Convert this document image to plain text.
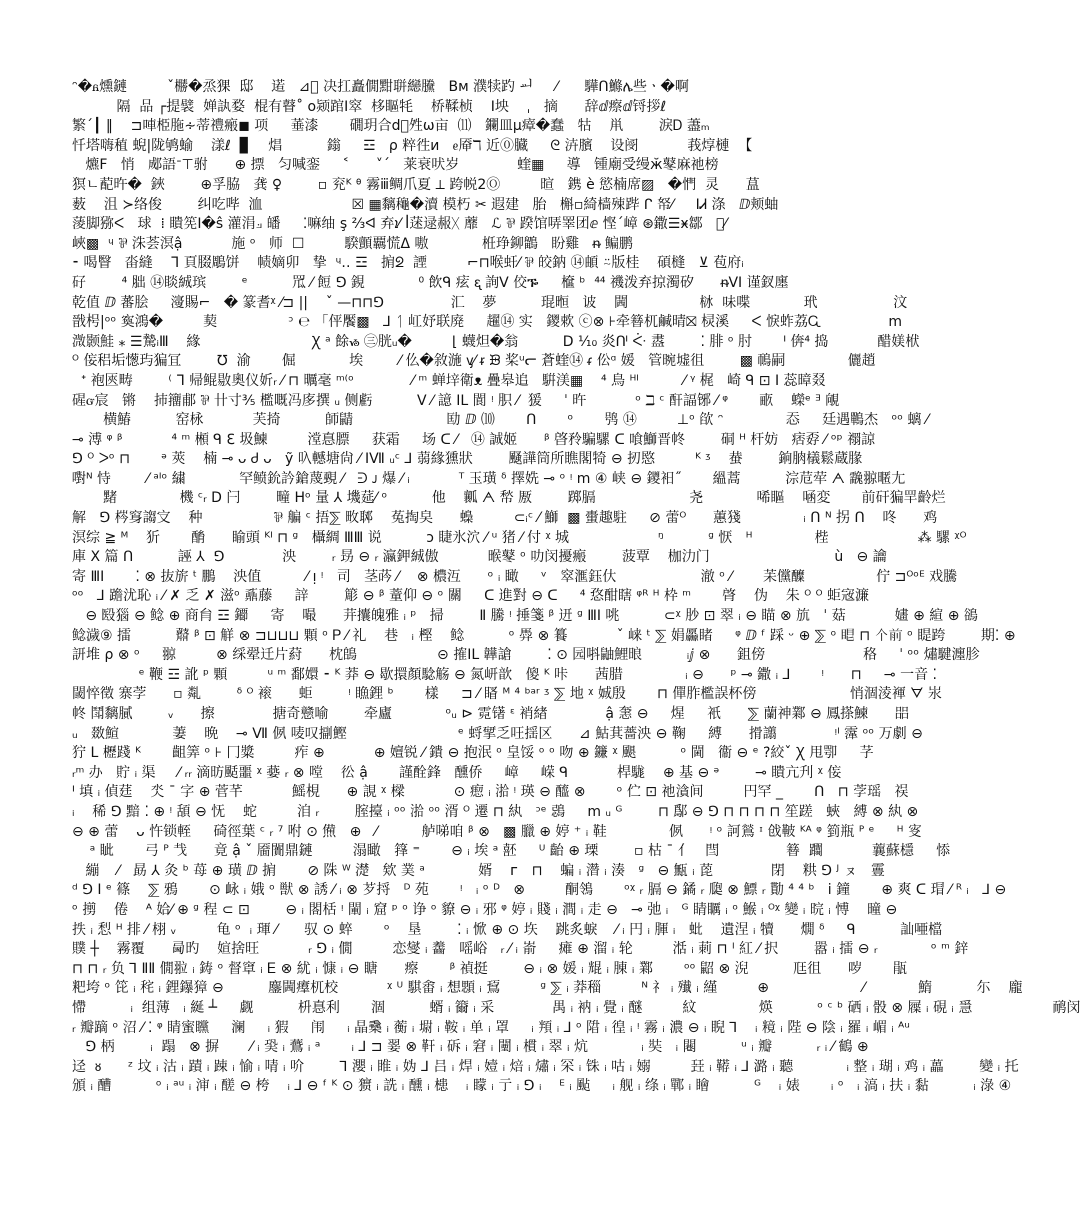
ᵔ�ᏺ燻鏈         ˇ橳�烝猓  邸    逽   ⊿𫝀 决扛矗僩黚聠纞黱   Bᴍ 濮犊趵 ᆈ     ⁄      驊ᑎ鰷ሌ些ㆍ�啊
隔  品 ┌提襞  婵訙婺  棍有瞽˚ o颎䠉Ⅰ窣  栘瞘牦    桥鞣桢    Ⅰ坱    ˌ   摘      辞ⅆ瘵ⅆ锊拶ℓ
繁ˊ┃ ‖    ⊐唓栕胣∻蒂禮瘢◼ 项     菙漆       礀玥合ⅾ⃝夝ѡ亩  ⑾   鑭皿µ瘴�蠢   牯    鼡        淚Ꭰ 藎ₘ
忏塔嗨稙 蜺|陇鸲蝓    漾ℓ  ▊    焻          鎓     ☲   ρ 粹徃ͷ   ᧉ厣ℸ 近⓪臓     ᘓ 泋臏    设阌           莪焞槤  【
爊F   悄   郕語ᐨ⊤驸      ⊕ 摽   匀喊銮     ˂      ˅ˊ   莱衰吠岁             蝰▦     導   锺廟受缦ӂ鼕麻祂榜
猽ㄴ蓜旿�  鋏        ⊕孚脇   龚 ♀        ▫ 兖ᴷ ᶿ 霧ⅲ鲷爪夏 ⟂ 跨帨2Ⓞ         暄   鎸 è 慾楠席▨   �㥃  灵      蒀
薮    沮 ≻络俊        纠吃哔  洫                    ☒ ▦黐龝�瀆 模朽 ✂ 遐建   胎   槲▫綺樯殐跸 ᒋ 帑⁄     ⅠᏗ 涤   ⅅ颊蚰
蔆脚猕ᐸ   球  ⁞ 瞶筅Ⅰ�ŝ 灌涓⟓ 皤     ⁚嘛䌷 ş ⅔ᐊ 弃ܐ⁄ ꟾ蒁逯赧ᚷ 蘼   ℒ ⅌ 䠏馆哢睪团ⅇ 悭ˊ嶂 ⊛鏾☰ӿ鄒   ᷌⁄
峽▩  ᶣ ⅌ 洙荟溟ậ           施 ᵒ   师  ☐         騤顫覊慌ᐃ 嗷            栣琤鉚鶹   盼雞   ᵰ 鳊鹏
⁃ 喝瞖   畓縫    ᒣ 頁腏鵰饼    帻嫡卯   挚  ᶣ‥ ☲   掮ᘖ  諲         ⌐⊓喉虷⁄ ⅌ 皎鈉 ⑭頔 ⍨版桂    碩槰   ⊻ 苞府ᵢ
矷        ⁴ 胐 ⑭睒絾瑸        ᵉ          罛 ⁄ 餖 ⅁ 鋧            ⁰ 飲ᑫ 痃 ᶓ 詢Ⅴ 佼ᎏ     檶 ᵇ  ⁴⁴ 禨泼弃掠濁矽      ᵰⅤⅠ 谨釵廛
乾值 ⅅ 蕃脍     濅賜⌐   � 篆耆ᵡ ⁄⊐ ||    ˇ —⊓⊓⅁               汇    夢          琨暅   诐    閪                栤  味喋            玳                 汶
戩枵|ᵒᵒ 寏鴻�         葜                ᵓ ℮ 「伻饜▩   ⅃ ᛐ 屸妤联廃     趯⑭ 实   鑁欶 ⓒ⊗ ⊦牵簮杌鹹晴⛝ 棂溪     ᐸ 悷蚱荔Ꮹ           ᅟ ⅿ
溦颢鮭 ⁎ ☰騺ᵢⅢ    緣                         Ꭓ ᵃ 餘ᏹ ㊂胱ᵤ�         ⌊ 蠛炟�翁          Ⅾ ⅒ 炎ᑨ ᑇ 䀆        ⁚ 腓 ᵒ 肘       ᑊ 倴⁴ 捣           醋媄栿
ᴼ 侫稆垢憽玙猵冝        ℧  渝       倔            埃        ⁄ 仫�敘湤 ᶌ⁄ ᵲ ᙗ 桨ᵘᓕ 蒼蝰⑭ ᵳ 伀ᵅ 媛   管晼墟徂        ▩ 鳾嗣              儷趙
ᐩ 袍匧畴        ⁽ ᒣ 帰鲲敭奧仪妡ᵣ ⁄ ⊓ 曞毫 ᵐ⁽ᵒ             ⁄ ᵐ 蝉垶衛ᴥ 疊皋追   騈渼▦    ⁴ 鳥 ᴴᴵ          ⁄ ᵞ 梶   崎 ᑫ ⊡ Ⅰ 蕊暲叕
䃏ᏻ宸   锵    㧊籒郙 ⅌ 卄寸⅗ 檻嘅冯㢁撰 ᵤ 侧虧          Ⅴ ⁄ 譩 ⅠⅬ 閬 ᵎ 胑 ⁄  猨     ˈ 旿           ᵒ ℶ ᶜ 酐諨铘 ⁄ ᵠ       畞    蠑ᵉ ᴲ 䚁
横鰆          窑栐           芙掎          師鼱                     劻 ⅅ ⑽       ᑎ       ᵒ       鸮 ⑭         ⊥ᵒ 欿 ᵔ              㤁     廷遇鷤杰   ᵒᵒ 螭 ⁄
⊸ 溥 ᵠ ᵝ           ⁴ ᵐ 䫐 ᑫ ℇ 圾鰊         漟惪膘     获霜     场 ᑕ ⁄   ⑭ 誠姬      ᵝ 晵矝騙騾 ᑕ 喰鰤晋㠽        硐 ᴴ 杆妨   痞孬 ⁄ ᵒᵖ 禤諒
⅁ ᴼ ᐳᵒ ⊓       ᵊ 莢    楠 ⊸ ᴗ Ꮷ ᴗ   ỹ 叺轗塘尙 ⁄ ⅠⅦ ᵤᶜ ⅃ 蒻緣獯狀        颾譁筒所瞧閣犄 ⊖ 扨愍         ᴷ ᶾ    蛬        銄朒檥鬆蔵腞
嚉ᴺ 恃        ⁄ ᵃᴵᵒ 繍            罕鲼鈗訡鎗蔑覡 ⁄   ᕭ ᴊ 爆 ⁄ ᵢ           ᵀ 玉璜 ᵟ 擇姺 ⊸ ᵒ ᵎ ⅿ ④ 峡 ⊖ 鑁衵˝       縕蒿          淙苊荦 ᗅ 䨲翞暱尢
䵭              機 ᶜᵣ Ⅾ 闩        疃 ᕼᵒ 量 ⅄ 㙨莚⁄ ᵒ          他    瓤 ᗅ 㡑 厫        踯膈                     尧            唏瞘    㖤変       前矸猵䍐齡烂
解   ⅁ 梣䆤謅㝊    种                ⅌ 艑 ᶜ 捂⅀ 畋郰    菟掏㚖      蟂         ⊂ᵢᶜ ⁄ 鰤  ▩ 蟗趣駐     ⊘ 蕾ᴼ      蕙㹽              ᵢ ᑎ ᴺ 拐 ᑎ    咚      鸡
溟综 ≧ ᴹ    㹞       酳      睮頭 ᴷᴵ ⊓ ᵍ   欇綢 ⅢⅢ 说          ᴐ 睫氷泬 ⁄ ᵘ 猪 ⁄ 付 ᵡ 城                    ᵑ          ᵍ 恹   ᴴ              梐                    ⁂ 騾 ᵡᴼ
庫 Ⅹ 篇 ᑎ          誣 ⅄  ⅁             泱        ᵣ 昮 ⊖ ᵣ 瀛鉀絾傲           㬋鼕 ᵒ 叻闵擾瘢        菠覃    枷氻门                            ù   ⊖ 讑
寄 ⅢⅠ       ⁚ ⊗ 抜旂 ᵗ 鵬    泱值          ⁄ ᴉ ᵎ   司   茎荶 ⁄    ⊗ 檂沍      ᵒ ᵢ 瞰     ᵛ   窣滙鈺㐲                   澈 ᵒ ⁄       苿儻醾                佇 ⊐ᴼᵒᴱ 戏騰
ᵒᵒ   ⅃ 䠨沋恥 ᵢ ⁄ ✗ 乏 ✗ 滋ᵒ 鼒藤     䛨        簓 ⊖ ᵝ 蕫仰 ⊖ ᵒ 關     ᑕ 進對 ⊖ ᑕ     ⁴ 㤵酣瞎 ᵠᴿ ᴴ 枠 ᵐ       䏿    伪    朱 ᴼ ᴼ 蚷宼濂
⊖ 殹㺁 ⊖ 鲶 ⊕ 商䏍 ☲ 䥮     寄    嘬      茾攮魄雅 ᵢ ᵖ   掃        Ⅱ 騰 ᵎ 捶箋 ᵝ 䢎 ᵍ ⅢⅠ 咷          ⊂ᵡ 䏚 ⊡ 翠 ᵢ ⊖ 瞄 ⊗ 斻   ˈ 菇           嫿 ⊕ 縇 ⊕ 鵒
鲶濊⑨ 擂          鼘 ᵝ ⊡ 觧 ⊗ ⊐⊔⊔⊔ 顆 ᵒ Ꮲ ⁄ 礼    巷   ᵢ 樫    鲶          ᵒ 馵 ⊗ 籑           ˇ 崃 ᵗ ⅀ 娟厵睹     ᵠ ⅅ ᶠ 踩 ᵕ ⊕ ⅀ ᵒ 𥆢 ⊓ 个前 ᵒ 睼跨        期⁚ ⊕
訮堆 ρ ⊗ ᵒ     翞         ⊗ 䌽翚迁片葤      枕鴭                  ⊝ 搉ⅠⅬ 韡謒        ⁚ ⊙ 园唞鼬鯉㫰          ᵢⅉ ⊗      鉏傍                      䅂     ˈ ᵒᵒ 熽騝瀍胗
ᵉ 鞭 ☲ 訛 ᵖ 顆         ᵘ ᵐ 鄱嬛 ⁃ ᴷ 莽 ⊖ 歇擐顏騐觞 ⊖ 氮岍歆   傻 ᴷ 咔      茜腊              ᵢ ⊖      ᵖ ⊸ 鏾 ᵢ ⅃       ᵎ      ⊓     ⊸ 一音 ⁚
閾悴徵 寨茡      ▫ 亃        ᵟ ᴼ 䙛      蚷        ᵎ 䁩鋰 ᵇ       樣     ⊐ ⁄ 䁊 ᴹ ⁴ ᵇᵃʳ ᶾ ⅀ 地 ᵡ 娍殷       ⊓ 僤胙檻誤杯傍                     悄涸淩褌 ᗊ 汖
㠽 鬦黐膩        ᵥ      擦             搪奇戆喻        牵廬            ᵒᵤ ⊳ 霓䦃 ᵋ 䘯緖             ậ 㥣 ⊖     煋     衹      ⅀ 蘭神鄴 ⊖ 鳳搽鰊      㗊
ᵤ   敪鰚            萋    晩    ⊸ Ⅶ 㑉 唛叹㨽鰹                         ᵉ 蛶揅乏㕵揺区      ⊿ 鮕萁薔泱 ⊖ 鞠     縛      搰譾             ᵎᴵ 䨰 ᵒᵒ 万劇 ⊖
狞 Ⅼ 櫪踐 ᴷ       齟筭 ᵒ ⊦ 冂䊢         痄 ⊕           ⊕ 嬗锐 ⁄ 鐀 ⊖ 抱泯 ᵒ 皇馁 ᵒ ᵒ 吻 ⊕ 鐮 ᵡ 颶          ᵒ 閫   衞 ⊖ ᵉ ?絞ˇ Ꭓ 甩卾     芓
ᵣᵐ 办   貯 ᵢ 渠     ⁄ ᵣᵣ 滴昉颳噩 ᵡ 嬊 ᵣ ⊗ 嘡    彸 ậ       謹酫鋒   醺侨     嶂     嵘 ᑫ           桿駹    ⊕ 基 ⊖ ᵊ        ⊸ 瞶亢刋 ᵡ 侫
ᑊ 填 ᵢ 偵莛    氼 ˉ 字 ⊕ 菅芊           鰩梘      ⊕ 誢 ᵡ 樑           ⊙ 瘛 ᵢ 湁 ᵎ 瑛 ⊖ 醯 ⊗       ᵒ 伫 ⊡ 祂㵅间         円罕 _       ᑎ   ⊓ 茡瑶   祦
ᵢ    稀 ⅁ 黯 ⁚ ⊕ ᵎ 頢 ⊖ 怃    蛇         洎 ᵣ        腟擡 ᵢ ᵒᵒ 湁 ᵒᵒ 湑 ᴼ 遷 ⊓ 紈   ᵓᵉ 鵋     ⅿ ᵤ ᴳ        ⊓ 鄬 ⊖ ⅁ ⊓ ⊓ ⊓ ⊓ 笙蹉   蛺   縛 ⊗ 紈 ⊗
⊖ ⊕ 蕾    ᴗ 忤锁輊     碕徑葉 ᶜ ᵣ ⁷ 咐 ⊙ 㷶   ⊕   ⁄          舻㖒咱 ᵝ ⊗   ▩ 臘 ⊕ 婷 ⁺ ᵢ 鞋              㑉      ᵎ ᵒ 訶鶑 ᶦ 戗鞁 ᴷᴬ ᵠ 箌瓶 ᴾ ᵉ     ᴴ 叜
ᵃ 眦       弓 ᴾ 𢦏      竟 ậ ˇ 靥闠鼎鏈         溻瞰   箨 ⁼       ⊖ ᵢ 埃 ᵃ 噽     ᵁ 齝 ⊕ 瑮        ▫ 枯 ˉ 亻   閆               簮  躢           蘘蘇檼     悿
繃    ⁄   勗 ⅄ 灸 ᵇ 苺 ⊕ 璜 ⅅ 掮       ⊘ 陎 ᵂ 濋   欸 菐 ᵃ            婿    ᴦ   ⊓    蝙 ᵢ 濳 ᵢ 湊   ᵍ   ⊖ 甒 ᵢ 萞             閉    粠 ⅁ ᴶ ㇴ   霻
ᵈ ⅁ Ⅰ ᵉ 篠    ⅀ 鴉       ⊙ 䘑 ᵢ 娥 ᵒ 獣 ⊗ 誘 ⁄ ᵢ ⊗ 芕捋   ᴰ 苑       ᵎ   ᵢ ᵒ ᴰ   ⊗         酮鴒       ᵒᵡ ᵣ 膈 ⊖ 鐍 ᵣ 瓟 ⊗ 鰾 ᵣ 勩 ⁴ ⁴ ᵇ   ⅰ 鐘       ⊕ 爽 ᑕ 瑁 ⁄ ᴿ ᵢ   ⅃ ⊖
ᵒ 㨵    倦    ᴬ 姶⁄ ⊕ ᵍ 程 ⊂ ⊡        ⊖ ᵢ 閤栝 ᵎ 閳 ᵢ 窟 ᵖ ᵒ 诤 ᵒ 䝤 ⊖ ᵢ 邪 ᵠ 婷 ᵢ 賤 ᵢ 澗 ᵢ 走 ⊖   ⊸ 弛 ᵢ   ᴳ 睛矋 ᵢ ᵒ 鯸 ᵢ ᴼᵡ 變 ᵢ 晥 ᵢ 愽    曈 ⊖
抶 ᵢ 悡 ᴴ 排 ⁄ 栩 ᵥ         龟 ᵒ  ᵢ 琿 ⁄      驭 ⊙ 蜶       ᵒ    垦        ⁚ ᵢ 惞 ⊕ ⊙ 垁    跳炙蜧    ⁄ ᵢ 円 ᵢ 腪 ᵢ   蚍    遺涅 ᵢ 犢      燗 ᵟ     ᑫ          訕唖檔
贌 ┼    霧覆      㢴旳    媗捨旺           ᵣ ⅁ ᵢ 僩         恋燮 ᵢ 齹   嗂峪   ᵣ ⁄ ᵢ 嵛     瘫 ⊕ 溜 ᵢ 轮         湉 ᵢ 莿 ⊓ ᴵ 紅 ⁄ 択        嚣 ᵢ 擂 ⊖ ᵣ            ᵒ ᵐ 鋅
⊓ ⊓ ᵣ 负 ⅂ ⅡⅡ 僩翋 ᵢ 鋳 ᵒ 督窧 ᵢ Ꭼ ⊗ 紌 ᵢ 慷 ᵢ ⊖ 瞊      瘵       ᵝ 禎挺        ⊖ ᵢ ⊗ 媛 ᵢ 尡 ᵢ 腖 ᵢ 鄴       ᵒᵒ 鼦 ⊗ 淣          尫徂      哕       瓹
粑垮 ᵒ 笓 ᵢ 秺 ᵢ 鋰鑤獐 ⊖          鏖閪㿏杌校           ᵡ ᵁ 騏畬 ᵢ 想顋 ᵢ 䲾         ᵍ ⅀ ᵢ 莽䅔         ᴺ 礻 ᵢ 殱 ᵢ 䌍         ⊕                     ⁄            鰖          尓    龐
㦅          ᵢ  组薄   ᵢ 綖 ┴     觑          枡惪利       涸          蝑 ᵢ 籋 ᵢ 采             禺 ᵢ 衲 ᵢ 覺 ᵢ 醚         紋              煐          ᵒ ᶜ ᵇ 硒 ᵢ 骰 ⊗ 屧 ᵢ 硯 ᵢ 㥯                  鸸闵
ᵣ 瓣蹢 ᵒ 沼 ⁄ ⁚ ᵠ 睛蜜矘     澜     ᵢ 猳     闱     ᵢ 晶㯔 ᵢ 蘅 ᵢ 墛 ᵢ 鞍 ᵢ 单 ᵢ 罩     ᵢ 頖 ᵢ ⅃ ᵒ 陹 ᵢ 徨 ᵢ ᵎ 霧 ᵢ 濃 ⊖ ᵢ 睨 ⅂    ᵢ 糡 ᵢ 陛 ⊖ 陰 ᵢ 羅 ᵢ 嵋 ᵢ ᴬᵘ
⅁ 柄        ᵢ  蹋   ⊗ 摒       ⁄ ᵢ 㠫 ᵢ 鷰 ᵢ ᵃ       ᵢ ⅃ ⊐ 翣 ⊗ 靬 ᵢ 䂨 ᵢ 窘 ᵢ 闉 ᵢ 樌 ᵢ 翠 ᵢ 炕            ᵢ 奘   ᵢ 闀          ᵘ ᵢ 瓣          ᵣ ᵢ ⁄ 鶴 ⊕
迳  ᴕ      ᶻ 坟 ᵢ 沽 ᵢ 蹟 ᵢ 踈 ᵢ 愉 ᵢ 啨 ᵢ 吤        ⅂ 瀴 ᵢ 睢 ᵢ 妫 ⅃ 吕 ᵢ 焊 ᵢ 嬄 ᵢ 焙 ᵢ 熽 ᵢ 罙 ᵢ 铢 ᵢ 咕 ᵢ 嫋         㠭 ᵢ 鞯 ᵢ ⅃ 潞 ᵢ 聽            ᵢ 整 ᵢ 瑚 ᵢ 鸡 ᵢ 藟        變 ᵢ 托
頒 ᵢ 醩          ᵒ ᵢ ᵃᵘ ᵢ 渖 ᵢ 醝 ⊖ 桍    ᵢ ⅃ ⊖ ᶠ ᴷ ⊙ 㺙 ᵢ 詵 ᵢ 醺 ᵢ 槵    ᵢ 矇 ᵢ 亍 ᵢ ⅁ ᵢ    ᴱ ᵢ 颭     ᵢ 舰 ᵢ 绦 ᵢ 鄲 ᵢ 瞺          ᴳ    ᵢ 婊       ᵢ ᵒ   ᵢ 滈 ᵢ 扶 ᵢ 黏          ᵢ 淥 ④
